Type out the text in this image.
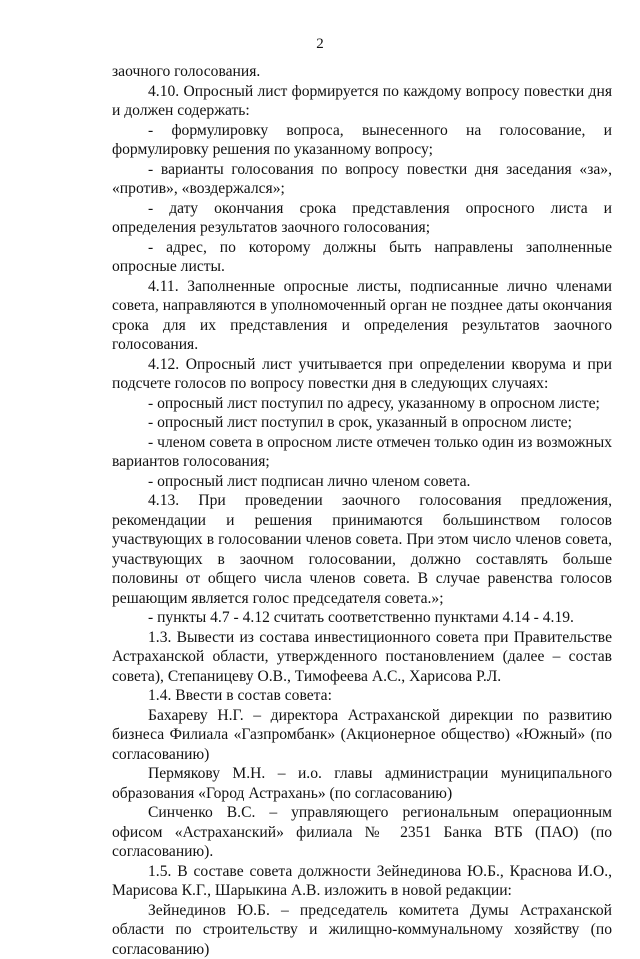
2

заочного голосования.

4.10. Опросный лист формируется по каждому вопросу повестки дня и должен содержать:

- формулировку вопроса, вынесенного на голосование, и формулировку решения по указанному вопросу;

- варианты голосования по вопросу повестки дня заседания «за», «против», «воздержался»;

- дату окончания срока представления опросного листа и определения результатов заочного голосования;

- адрес, по которому должны быть направлены заполненные опросные листы.

4.11. Заполненные опросные листы, подписанные лично членами совета, направляются в уполномоченный орган не позднее даты окончания срока для их представления и определения результатов заочного голосования.

4.12. Опросный лист учитывается при определении кворума и при подсчете голосов по вопросу повестки дня в следующих случаях:

- опросный лист поступил по адресу, указанному в опросном листе;

- опросный лист поступил в срок, указанный в опросном листе;

- членом совета в опросном листе отмечен только один из возможных вариантов голосования;

- опросный лист подписан лично членом совета.

4.13. При проведении заочного голосования предложения, рекомендации и решения принимаются большинством голосов участвующих в голосовании членов совета. При этом число членов совета, участвующих в заочном голосовании, должно составлять больше половины от общего числа членов совета. В случае равенства голосов решающим является голос председателя совета.»;

- пункты 4.7 - 4.12 считать соответственно пунктами 4.14 - 4.19.

1.3. Вывести из состава инвестиционного совета при Правительстве Астраханской области, утвержденного постановлением (далее – состав совета), Степаницеву О.В., Тимофеева А.С., Харисова Р.Л.

1.4. Ввести в состав совета:

Бахареву Н.Г. – директора Астраханской дирекции по развитию бизнеса Филиала «Газпромбанк» (Акционерное общество) «Южный» (по согласованию)

Пермякову М.Н. – и.о. главы администрации муниципального образования «Город Астрахань» (по согласованию)

Синченко В.С. – управляющего региональным операционным офисом «Астраханский» филиала № 2351 Банка ВТБ (ПАО) (по согласованию).

1.5. В составе совета должности Зейнединова Ю.Б., Краснова И.О., Марисова К.Г., Шарыкина А.В. изложить в новой редакции:

Зейнединов Ю.Б. – председатель комитета Думы Астраханской области по строительству и жилищно-коммунальному хозяйству (по согласованию)
